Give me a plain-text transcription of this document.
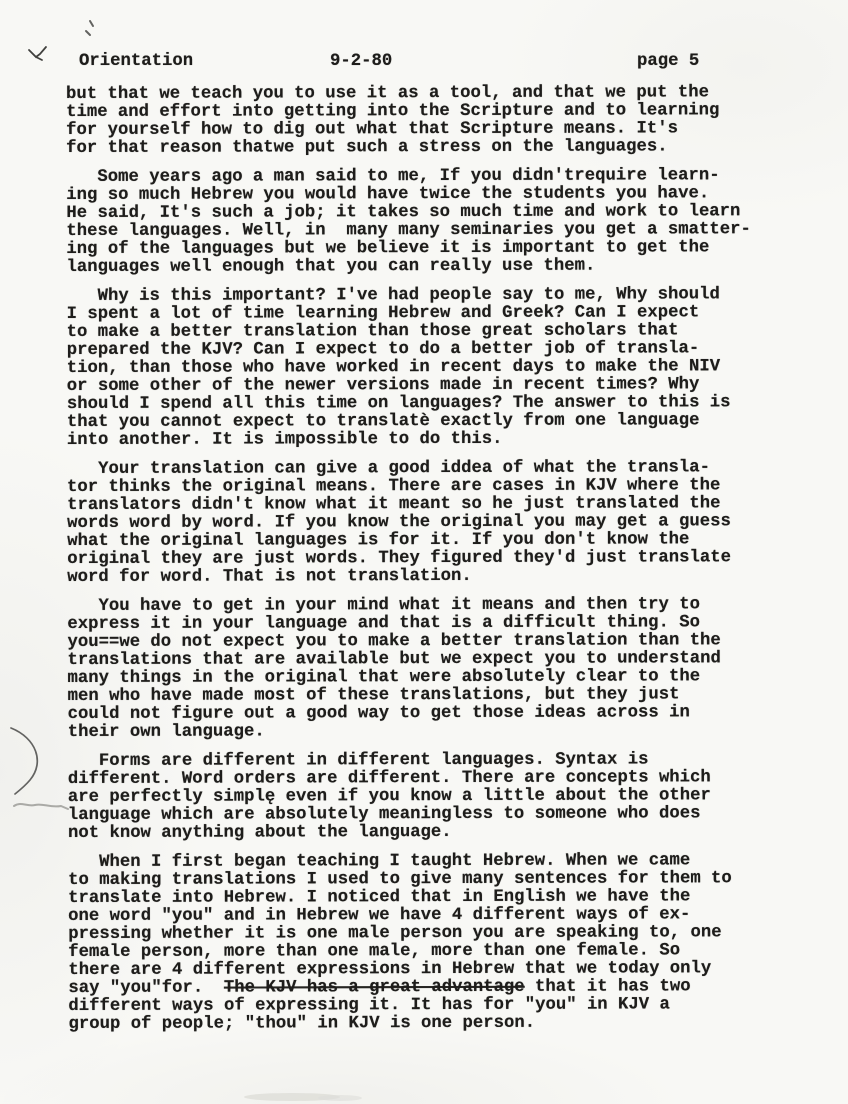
Orientation	9-2-80	page 5
but that we teach you to use it as a tool, and that we put the
time and effort into getting into the Scripture and to learning
for yourself how to dig out what that Scripture means. It's
for that reason thatwe put such a stress on the languages.
Some years ago a man said to me, If you didn'trequire learn-
ing so much Hebrew you would have twice the students you have.
He said, It's such a job; it takes so much time and work to learn
these languages. Well, in  many many seminaries you get a smatter-
ing of the languages but we believe it is important to get the
languages well enough that you can really use them.
Why is this important? I've had people say to me, Why should
I spent a lot of time learning Hebrew and Greek? Can I expect
to make a better translation than those great scholars that
prepared the KJV? Can I expect to do a better job of transla-
tion, than those who have worked in recent days to make the NIV
or some other of the newer versions made in recent times? Why
should I spend all this time on languages? The answer to this is
that you cannot expect to translatè exactly from one language
into another. It is impossible to do this.
Your translation can give a good iddea of what the transla-
tor thinks the original means. There are cases in KJV where the
translators didn't know what it meant so he just translated the
words word by word. If you know the original you may get a guess
what the original languages is for it. If you don't know the
original they are just words. They figured they'd just translate
word for word. That is not translation.
You have to get in your mind what it means and then try to
express it in your language and that is a difficult thing. So
you==we do not expect you to make a better translation than the
translations that are available but we expect you to understand
many things in the original that were absolutely clear to the
men who have made most of these translations, but they just
could not figure out a good way to get those ideas across in
their own language.
Forms are different in different languages. Syntax is
different. Word orders are different. There are concepts which
are perfectly simplę even if you know a little about the other
language which are absolutely meaningless to someone who does
not know anything about the language.
When I first began teaching I taught Hebrew. When we came
to making translations I used to give many sentences for them to
translate into Hebrew. I noticed that in English we have the
one word "you" and in Hebrew we have 4 different ways of ex-
pressing whether it is one male person you are speaking to, one
female person, more than one male, more than one female. So
there are 4 different expressions in Hebrew that we today only
say "you"for.  The KJV has a great advantage that it has two
different ways of expressing it. It has for "you" in KJV a
group of people; "thou" in KJV is one person.
